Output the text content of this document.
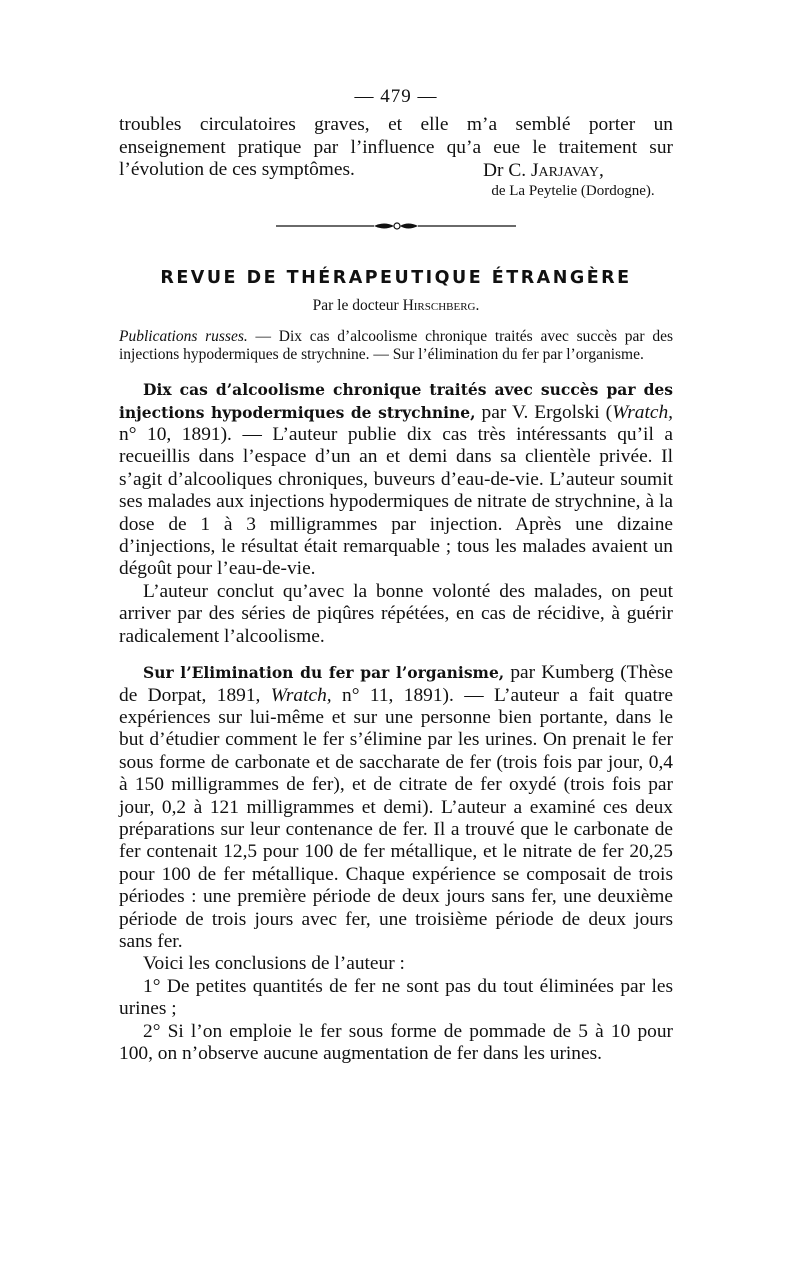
— 479 —

troubles circulatoires graves, et elle m’a semblé porter un enseignement pratique par l’influence qu’a eue le traitement sur l’évolution de ces symptômes.	Dr C. Jarjavay,
de La Peytelie (Dordogne).

REVUE DE THÉRAPEUTIQUE ÉTRANGÈRE

Par le docteur Hirschberg.

Publications russes. — Dix cas d’alcoolisme chronique traités avec succès par des injections hypodermiques de strychnine. — Sur l’élimination du fer par l’organisme.

Dix cas d’alcoolisme chronique traités avec succès par des injections hypodermiques de strychnine, par V. Ergolski (Wratch, n° 10, 1891). — L’auteur publie dix cas très intéressants qu’il a recueillis dans l’espace d’un an et demi dans sa clientèle privée. Il s’agit d’alcooliques chroniques, buveurs d’eau-de-vie. L’auteur soumit ses malades aux injections hypodermiques de nitrate de strychnine, à la dose de 1 à 3 milligrammes par injection. Après une dizaine d’injections, le résultat était remarquable ; tous les malades avaient un dégoût pour l’eau-de-vie.

L’auteur conclut qu’avec la bonne volonté des malades, on peut arriver par des séries de piqûres répétées, en cas de récidive, à guérir radicalement l’alcoolisme.

Sur l’Elimination du fer par l’organisme, par Kumberg (Thèse de Dorpat, 1891, Wratch, n° 11, 1891). — L’auteur a fait quatre expériences sur lui-même et sur une personne bien portante, dans le but d’étudier comment le fer s’élimine par les urines. On prenait le fer sous forme de carbonate et de saccharate de fer (trois fois par jour, 0,4 à 150 milligrammes de fer), et de citrate de fer oxydé (trois fois par jour, 0,2 à 121 milligrammes et demi). L’auteur a examiné ces deux préparations sur leur contenance de fer. Il a trouvé que le carbonate de fer contenait 12,5 pour 100 de fer métallique, et le nitrate de fer 20,25 pour 100 de fer métallique. Chaque expérience se composait de trois périodes : une première période de deux jours sans fer, une deuxième période de trois jours avec fer, une troisième période de deux jours sans fer.

Voici les conclusions de l’auteur :

1° De petites quantités de fer ne sont pas du tout éliminées par les urines ;

2° Si l’on emploie le fer sous forme de pommade de 5 à 10 pour 100, on n’observe aucune augmentation de fer dans les urines.
